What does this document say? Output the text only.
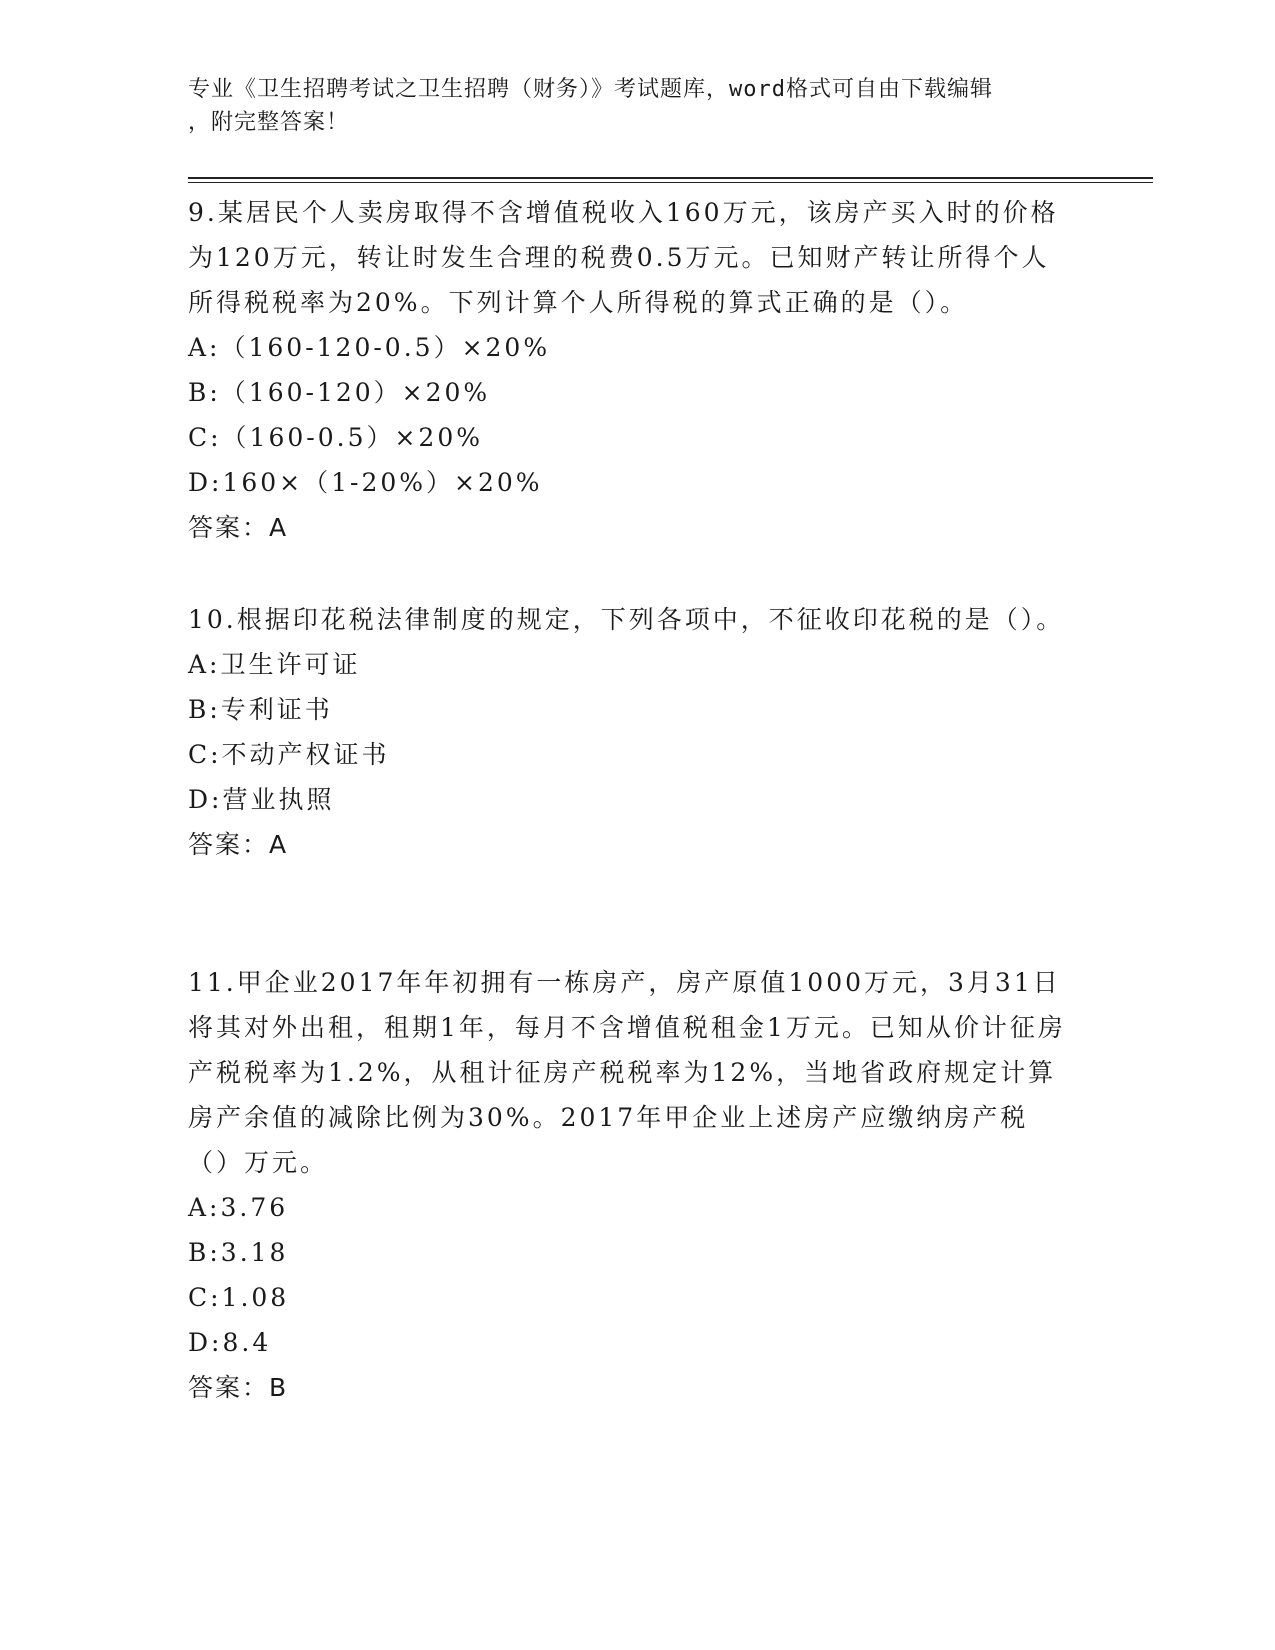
专业《卫生招聘考试之卫生招聘（财务）》考试题库，word格式可自由下载编辑
，附完整答案！

9.某居民个人卖房取得不含增值税收入160万元，该房产买入时的价格为120万元，转让时发生合理的税费0.5万元。已知财产转让所得个人所得税税率为20%。下列计算个人所得税的算式正确的是（）。

A:（160-120-0.5）×20%

B:（160-120）×20%

C:（160-0.5）×20%

D:160×（1-20%）×20%

答案：A

10.根据印花税法律制度的规定，下列各项中，不征收印花税的是（）。

A:卫生许可证

B:专利证书

C:不动产权证书

D:营业执照

答案：A

11.甲企业2017年年初拥有一栋房产，房产原值1000万元，3月31日将其对外出租，租期1年，每月不含增值税租金1万元。已知从价计征房产税税率为1.2%，从租计征房产税税率为12%，当地省政府规定计算房产余值的减除比例为30%。2017年甲企业上述房产应缴纳房产税（）万元。

A:3.76

B:3.18

C:1.08

D:8.4

答案：B
